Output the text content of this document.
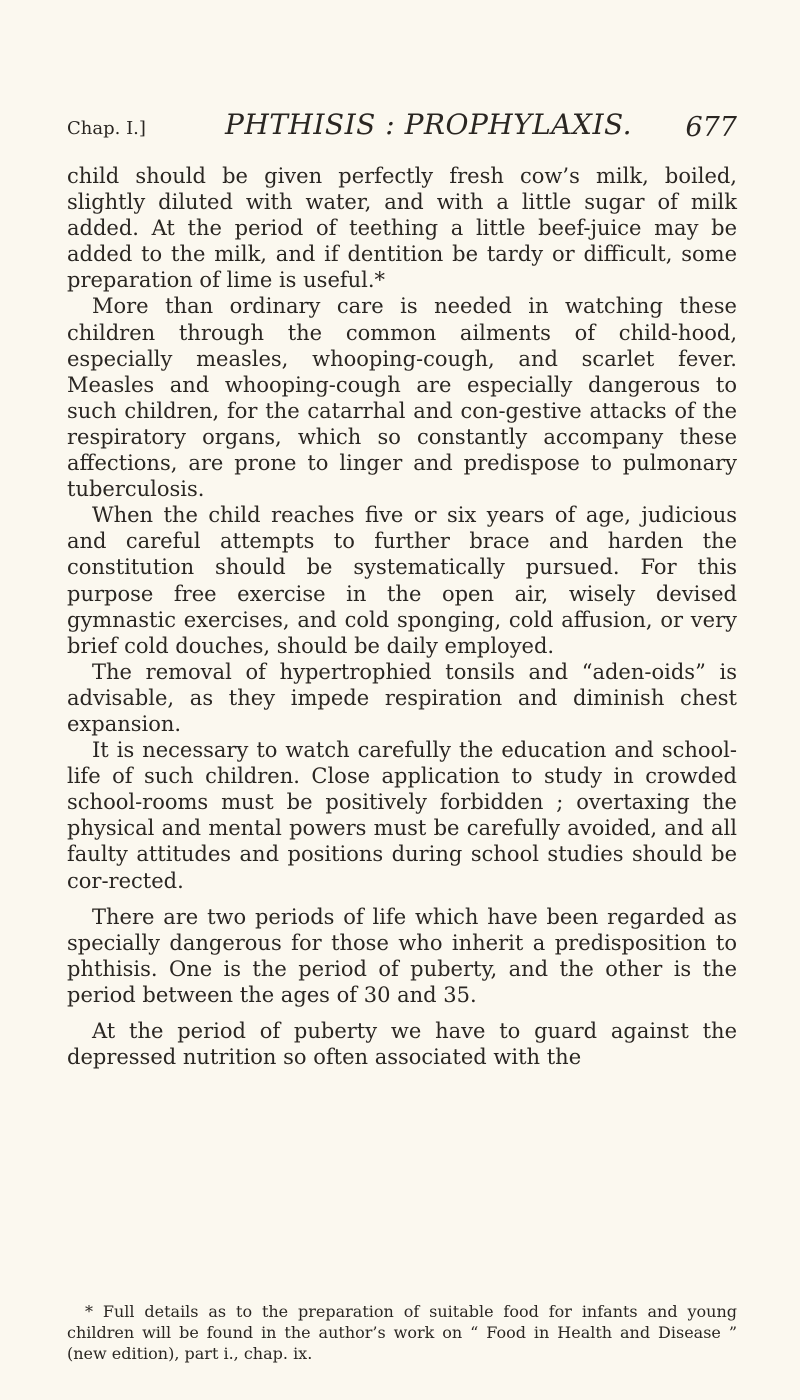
Chap. I.]	PHTHISIS : PROPHYLAXIS. 677

child should be given perfectly fresh cow’s milk, boiled, slightly diluted with water, and with a little sugar of milk added. At the period of teething a little beef-juice may be added to the milk, and if dentition be tardy or difficult, some preparation of lime is useful.*

More than ordinary care is needed in watching these children through the common ailments of child-hood, especially measles, whooping-cough, and scarlet fever. Measles and whooping-cough are especially dangerous to such children, for the catarrhal and con-gestive attacks of the respiratory organs, which so constantly accompany these affections, are prone to linger and predispose to pulmonary tuberculosis.

When the child reaches five or six years of age, judicious and careful attempts to further brace and harden the constitution should be systematically pursued. For this purpose free exercise in the open air, wisely devised gymnastic exercises, and cold sponging, cold affusion, or very brief cold douches, should be daily employed.

The removal of hypertrophied tonsils and “aden-oids” is advisable, as they impede respiration and diminish chest expansion.

It is necessary to watch carefully the education and school-life of such children. Close application to study in crowded school-rooms must be positively forbidden ; overtaxing the physical and mental powers must be carefully avoided, and all faulty attitudes and positions during school studies should be cor-rected.

There are two periods of life which have been regarded as specially dangerous for those who inherit a predisposition to phthisis. One is the period of puberty, and the other is the period between the ages of 30 and 35.

At the period of puberty we have to guard against the depressed nutrition so often associated with the

* Full details as to the preparation of suitable food for infants and young children will be found in the author’s work on “ Food in Health and Disease ” (new edition), part i., chap. ix.
